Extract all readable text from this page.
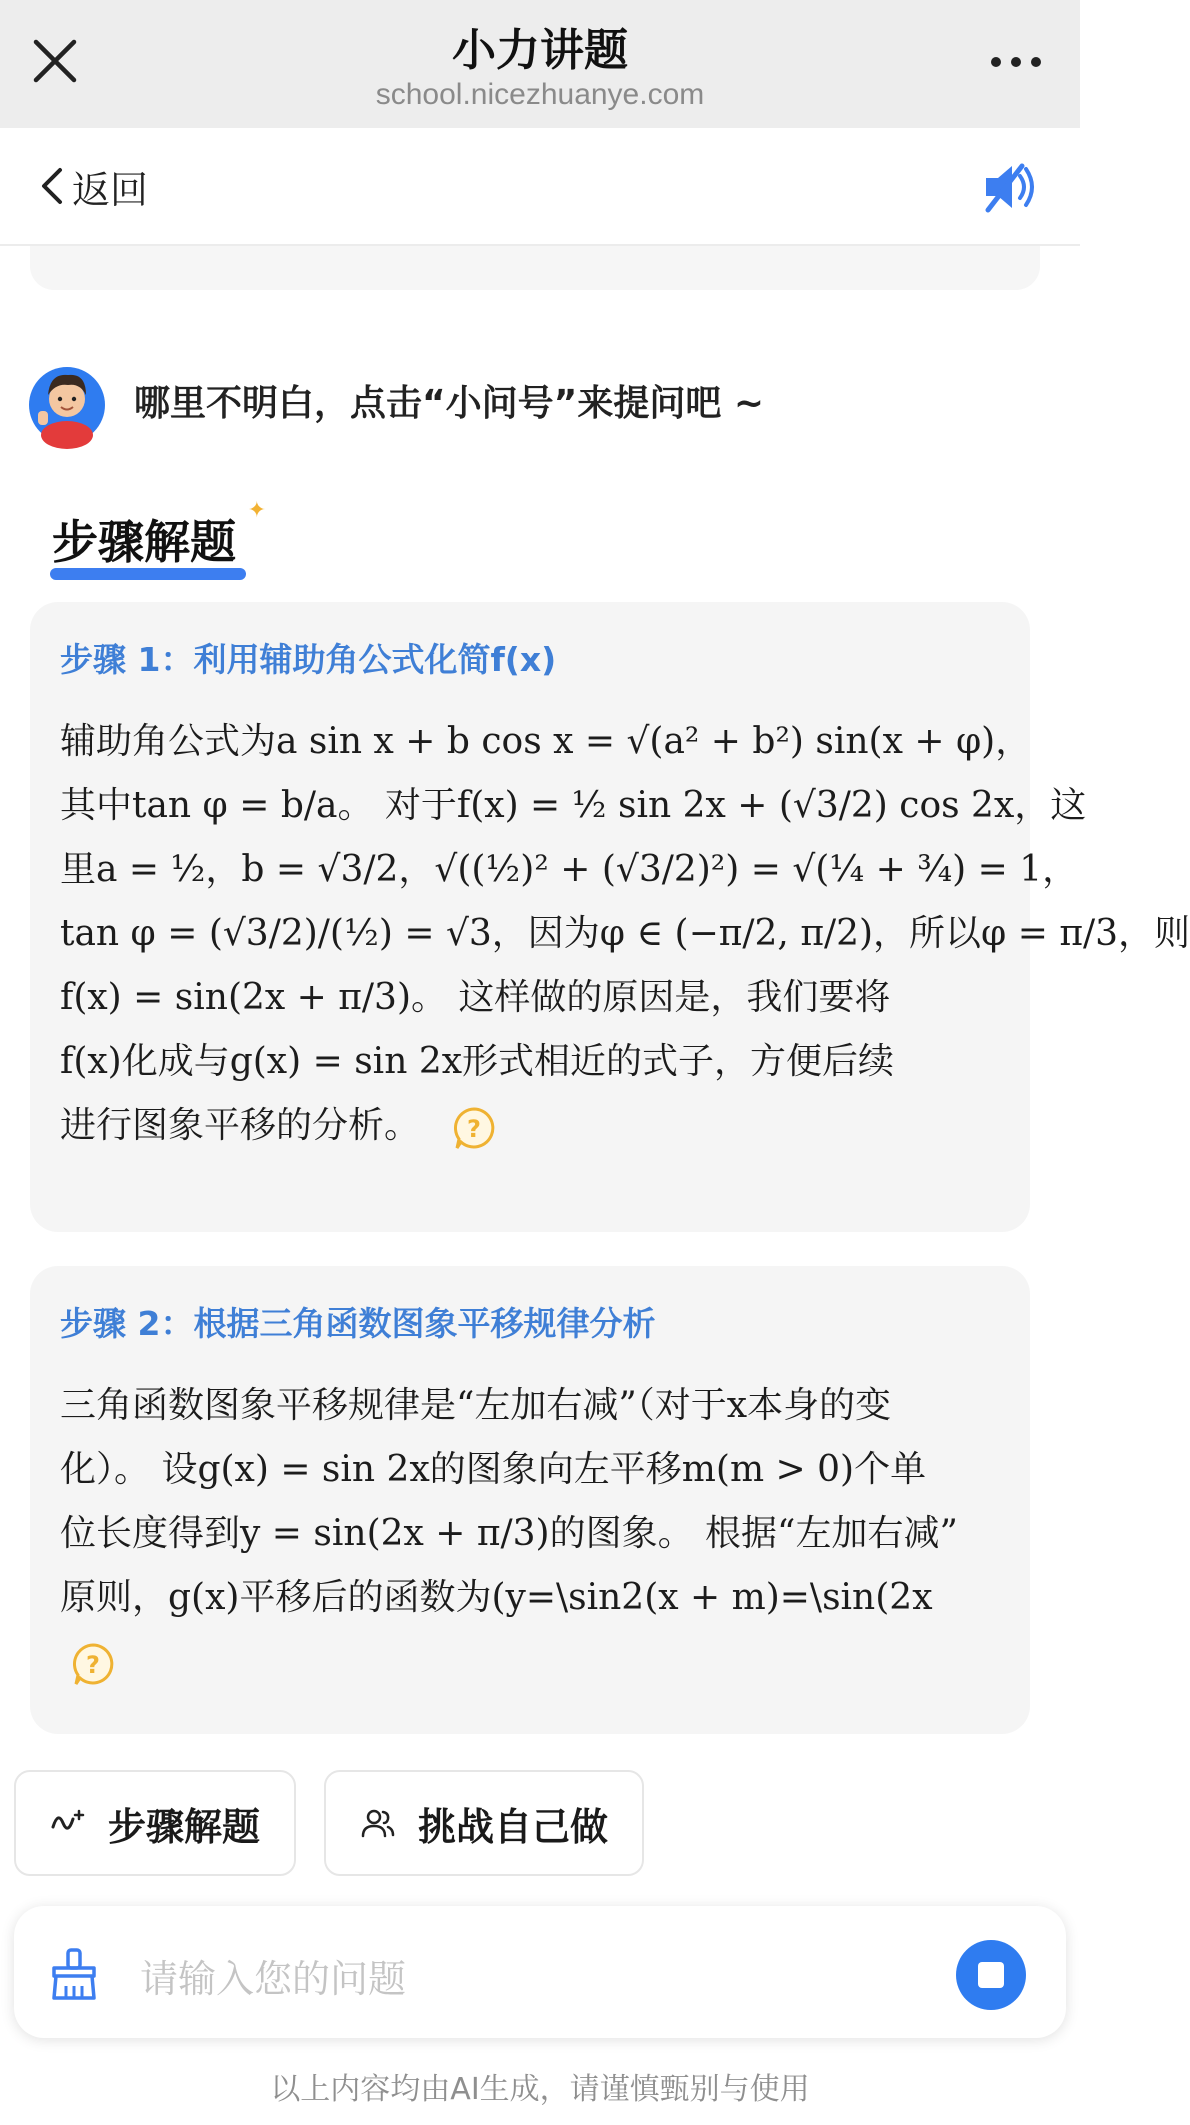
小力讲题
school.nicezhuanye.com
返回
哪里不明白，点击“小问号”来提问吧 ~
步骤解题
✦
步骤 1：利用辅助角公式化简f(x)
辅助角公式为a sin x + b cos x = √(a² + b²) sin(x + φ)，
其中tan φ = b/a。 对于f(x) = ½ sin 2x + (√3/2) cos 2x，这
里a = ½，b = √3/2，√((½)² + (√3/2)²) = √(¼ + ¾) = 1，
tan φ = (√3/2)/(½) = √3，因为φ ∈ (−π/2, π/2)，所以φ = π/3，则
f(x) = sin(2x + π/3)。 这样做的原因是，我们要将
f(x)化成与g(x) = sin 2x形式相近的式子，方便后续
进行图象平移的分析。 ?
步骤 2：根据三角函数图象平移规律分析
三角函数图象平移规律是“左加右减”（对于x本身的变
化）。 设g(x) = sin 2x的图象向左平移m(m > 0)个单
位长度得到y = sin(2x + π/3)的图象。 根据“左加右减”
原则，g(x)平移后的函数为(y=\sin2(x + m)=\sin(2x
?
步骤解题	挑战自己做
请输入您的问题
以上内容均由AI生成，请谨慎甄别与使用
